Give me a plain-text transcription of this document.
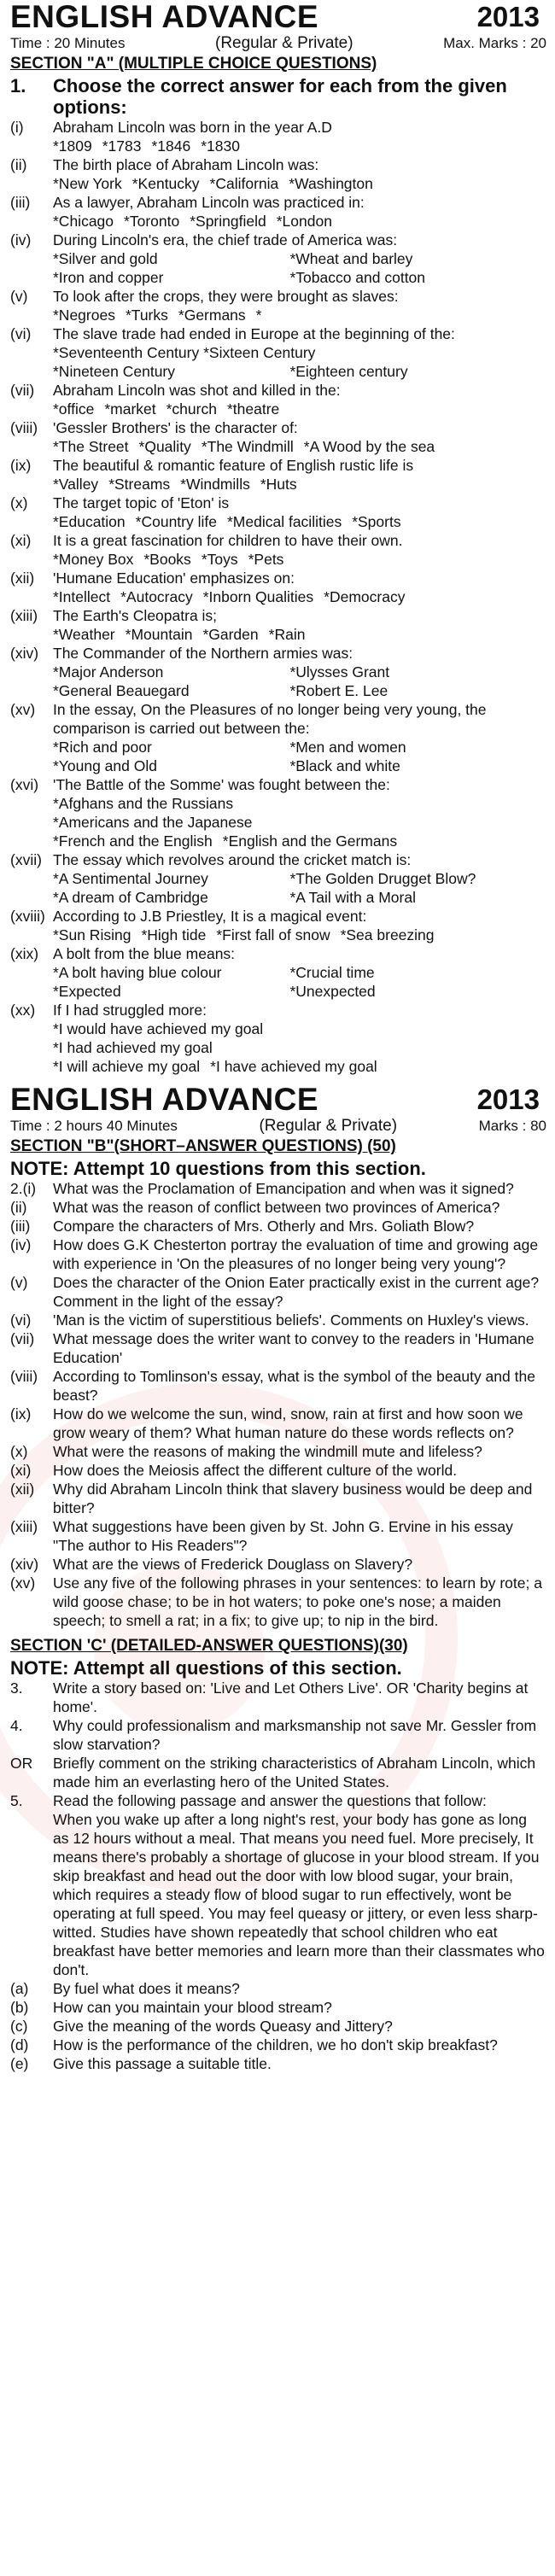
ENGLISH ADVANCE	2013
Time : 20 Minutes	(Regular & Private)	Max. Marks : 20
SECTION "A" (MULTIPLE CHOICE QUESTIONS)
1.	Choose the correct answer for each from the given options:
(i)	Abraham Lincoln was born in the year A.D
*1809 *1783 *1846 *1830
(ii)	The birth place of Abraham Lincoln was:
*New York *Kentucky *California *Washington
(iii)	As a lawyer, Abraham Lincoln was practiced in:
*Chicago *Toronto *Springfield *London
(iv)	During Lincoln's era, the chief trade of America was:
*Silver and gold	*Wheat and barley
*Iron and copper	*Tobacco and cotton
(v)	To look after the crops, they were brought as slaves:
*Negroes *Turks *Germans *
(vi)	The slave trade had ended in Europe at the beginning of the: *Seventeenth Century *Sixteen Century
*Nineteen Century	*Eighteen century
(vii)	Abraham Lincoln was shot and killed in the:
*office *market *church *theatre
(viii)	'Gessler Brothers' is the character of:
*The Street *Quality *The Windmill *A Wood by the sea
(ix)	The beautiful & romantic feature of English rustic life is
*Valley *Streams *Windmills *Huts
(x)	The target topic of 'Eton' is
*Education *Country life *Medical facilities *Sports
(xi)	It is a great fascination for children to have their own.
*Money Box *Books *Toys *Pets
(xii)	'Humane Education' emphasizes on:
*Intellect *Autocracy *Inborn Qualities *Democracy
(xiii)	The Earth's Cleopatra is;
*Weather *Mountain *Garden *Rain
(xiv) The Commander of the Northern armies was:
*Major Anderson	*Ulysses Grant
*General Beauegard	*Robert E. Lee
(xv)	In the essay, On the Pleasures of no longer being very young, the comparison is carried out between the:
*Rich and poor	*Men and women
*Young and Old	*Black and white
(xvi) 'The Battle of the Somme' was fought between the:
*Afghans and the Russians
*Americans and the Japanese
*French and the English *English and the Germans
(xvii) The essay which revolves around the cricket match is:
*A Sentimental Journey	*The Golden Drugget Blow?
*A dream of Cambridge	*A Tail with a Moral
(xviii) According to J.B Priestley, It is a magical event:
*Sun Rising *High tide *First fall of snow *Sea breezing
(xix) A bolt from the blue means:
*A bolt having blue colour	*Crucial time
*Expected	*Unexpected
(xx)	If I had struggled more:
*I would have achieved my goal
*I had achieved my goal
*I will achieve my goal *I have achieved my goal
ENGLISH ADVANCE	2013
Time : 2 hours 40 Minutes	(Regular & Private)	Marks : 80
SECTION "B"(SHORT–ANSWER QUESTIONS) (50)
NOTE: Attempt 10 questions from this section.
2.(i)	What was the Proclamation of Emancipation and when was it signed?
(ii)	What was the reason of conflict between two provinces of America?
(iii)	Compare the characters of Mrs. Otherly and Mrs. Goliath Blow?
(iv)	How does G.K Chesterton portray the evaluation of time and growing age with experience in 'On the pleasures of no longer being very young'?
(v)	Does the character of the Onion Eater practically exist in the current age? Comment in the light of the essay?
(vi)	'Man is the victim of superstitious beliefs'. Comments on Huxley's views.
(vii)	What message does the writer want to convey to the readers in 'Humane Education'
(viii)	According to Tomlinson's essay, what is the symbol of the beauty and the beast?
(ix)	How do we welcome the sun, wind, snow, rain at first and how soon we grow weary of them? What human nature do these words reflects on?
(x)	What were the reasons of making the windmill mute and lifeless?
(xi)	How does the Meiosis affect the different culture of the world.
(xii)	Why did Abraham Lincoln think that slavery business would be deep and bitter?
(xiii)	What suggestions have been given by St. John G. Ervine in his essay "The author to His Readers"?
(xiv) What are the views of Frederick Douglass on Slavery?
(xv)	Use any five of the following phrases in your sentences: to learn by rote; a wild goose chase; to be in hot waters; to poke one's nose; a maiden speech; to smell a rat; in a fix; to give up; to nip in the bird.
SECTION 'C' (DETAILED-ANSWER QUESTIONS)(30)
NOTE: Attempt all questions of this section.
3.	Write a story based on: 'Live and Let Others Live'. OR 'Charity begins at home'.
4.	Why could professionalism and marksmanship not save Mr. Gessler from slow starvation?
OR	Briefly comment on the striking characteristics of Abraham Lincoln, which made him an everlasting hero of the United States.
5.	Read the following passage and answer the questions that follow:
When you wake up after a long night's rest, your body has gone as long as 12 hours without a meal. That means you need fuel. More precisely, It means there's probably a shortage of glucose in your blood stream. If you skip breakfast and head out the door with low blood sugar, your brain, which requires a steady flow of blood sugar to run effectively, wont be operating at full speed. You may feel queasy or jittery, or even less sharp-witted. Studies have shown repeatedly that school children who eat breakfast have better memories and learn more than their classmates who don't.
(a)	By fuel what does it means?
(b)	How can you maintain your blood stream?
(c)	Give the meaning of the words Queasy and Jittery?
(d)	How is the performance of the children, we ho don't skip breakfast?
(e)	Give this passage a suitable title.
